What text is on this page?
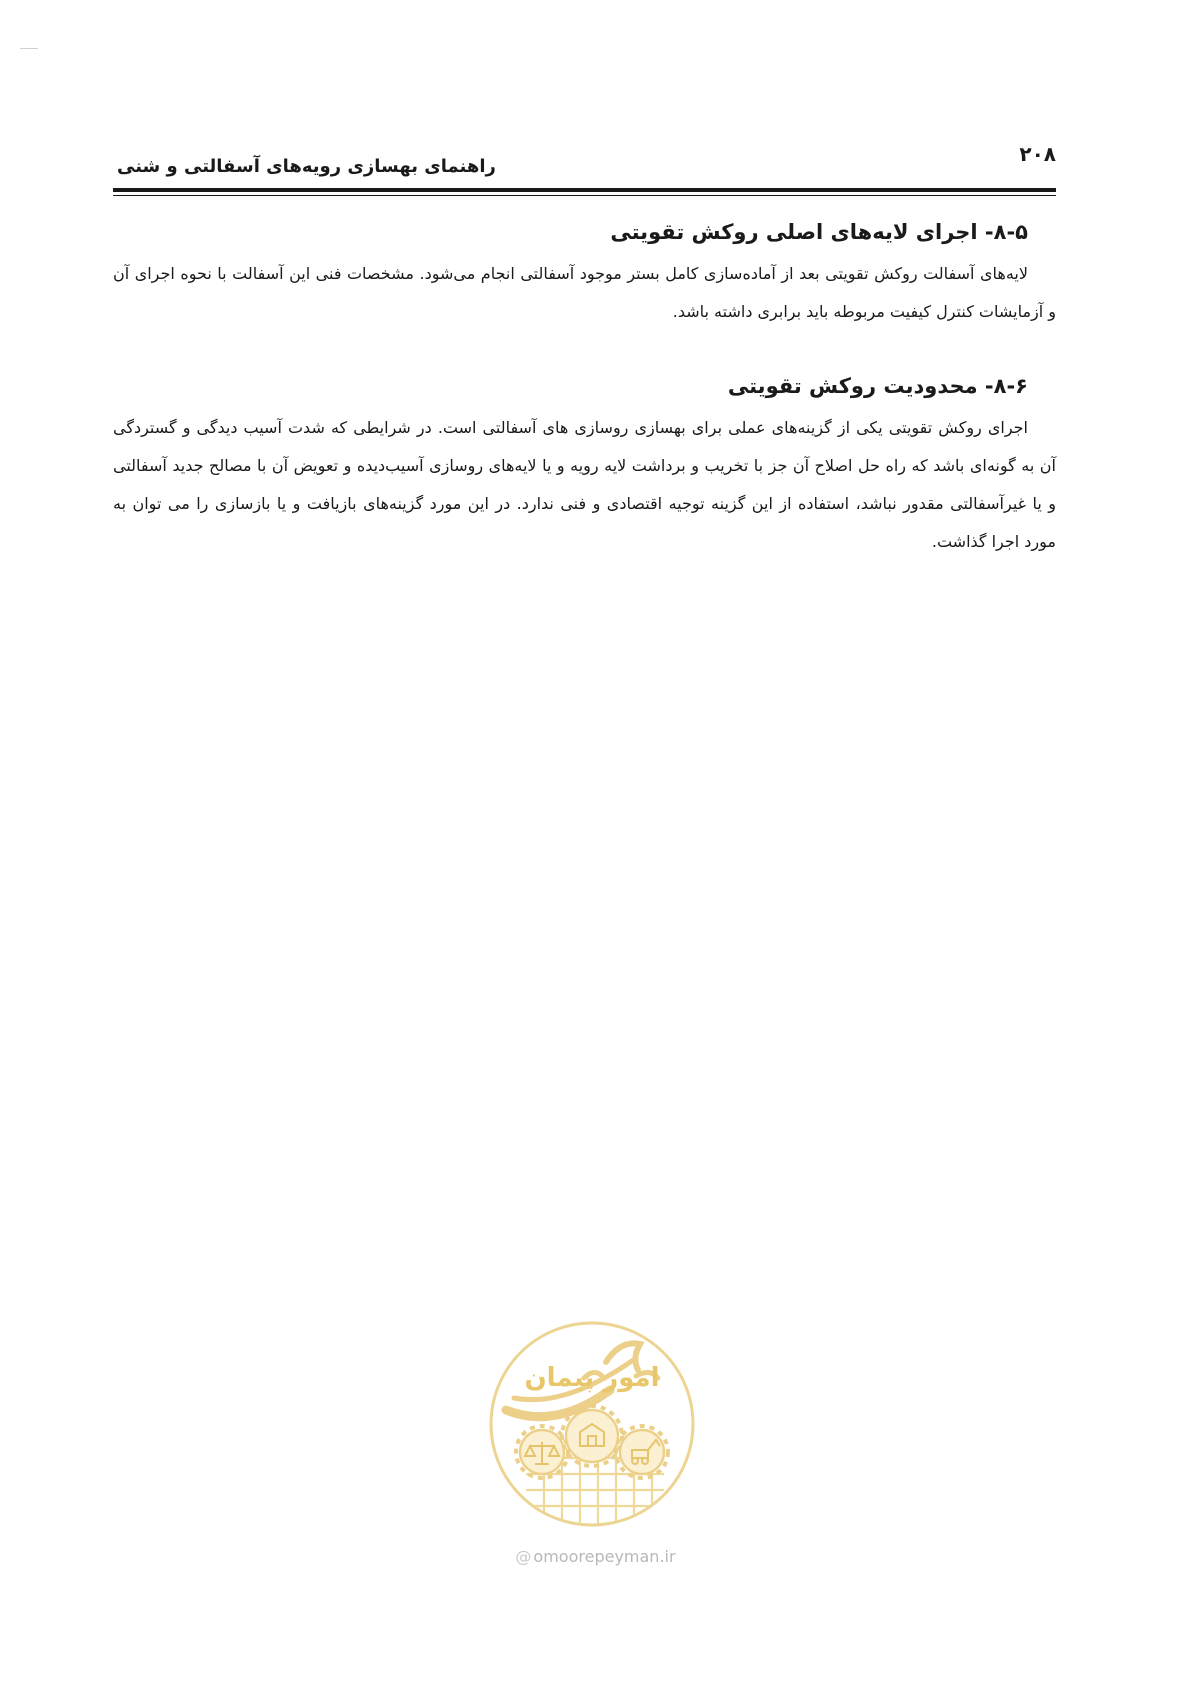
۲۰۸
راهنمای بهسازی رویه‌های آسفالتی و شنی
۸-۵- اجرای لایه‌های اصلی روکش تقویتی

لایه‌های آسفالت روکش تقویتی بعد از آماده‌سازی کامل بستر موجود آسفالتی انجام می‌شود. مشخصات فنی این آسفالت با نحوه اجرای آن و آزمایشات کنترل کیفیت مربوطه باید برابری داشته باشد.

۸-۶- محدودیت روکش تقویتی

اجرای روکش تقویتی یکی از گزینه‌های عملی برای بهسازی روسازی های آسفالتی است. در شرایطی که شدت آسیب دیدگی و گستردگی آن به گونه‌ای باشد که راه حل اصلاح آن جز با تخریب و برداشت لایه رویه و یا لایه‌های روسازی آسیب‌دیده و تعویض آن با مصالح جدید آسفالتی و یا غیرآسفالتی مقدور نباشد، استفاده از این گزینه توجیه اقتصادی و فنی ندارد. در این مورد گزینه‌های بازیافت و یا بازسازی را می توان به مورد اجرا گذاشت.

امور پیمان
@ omoorepeyman.ir
